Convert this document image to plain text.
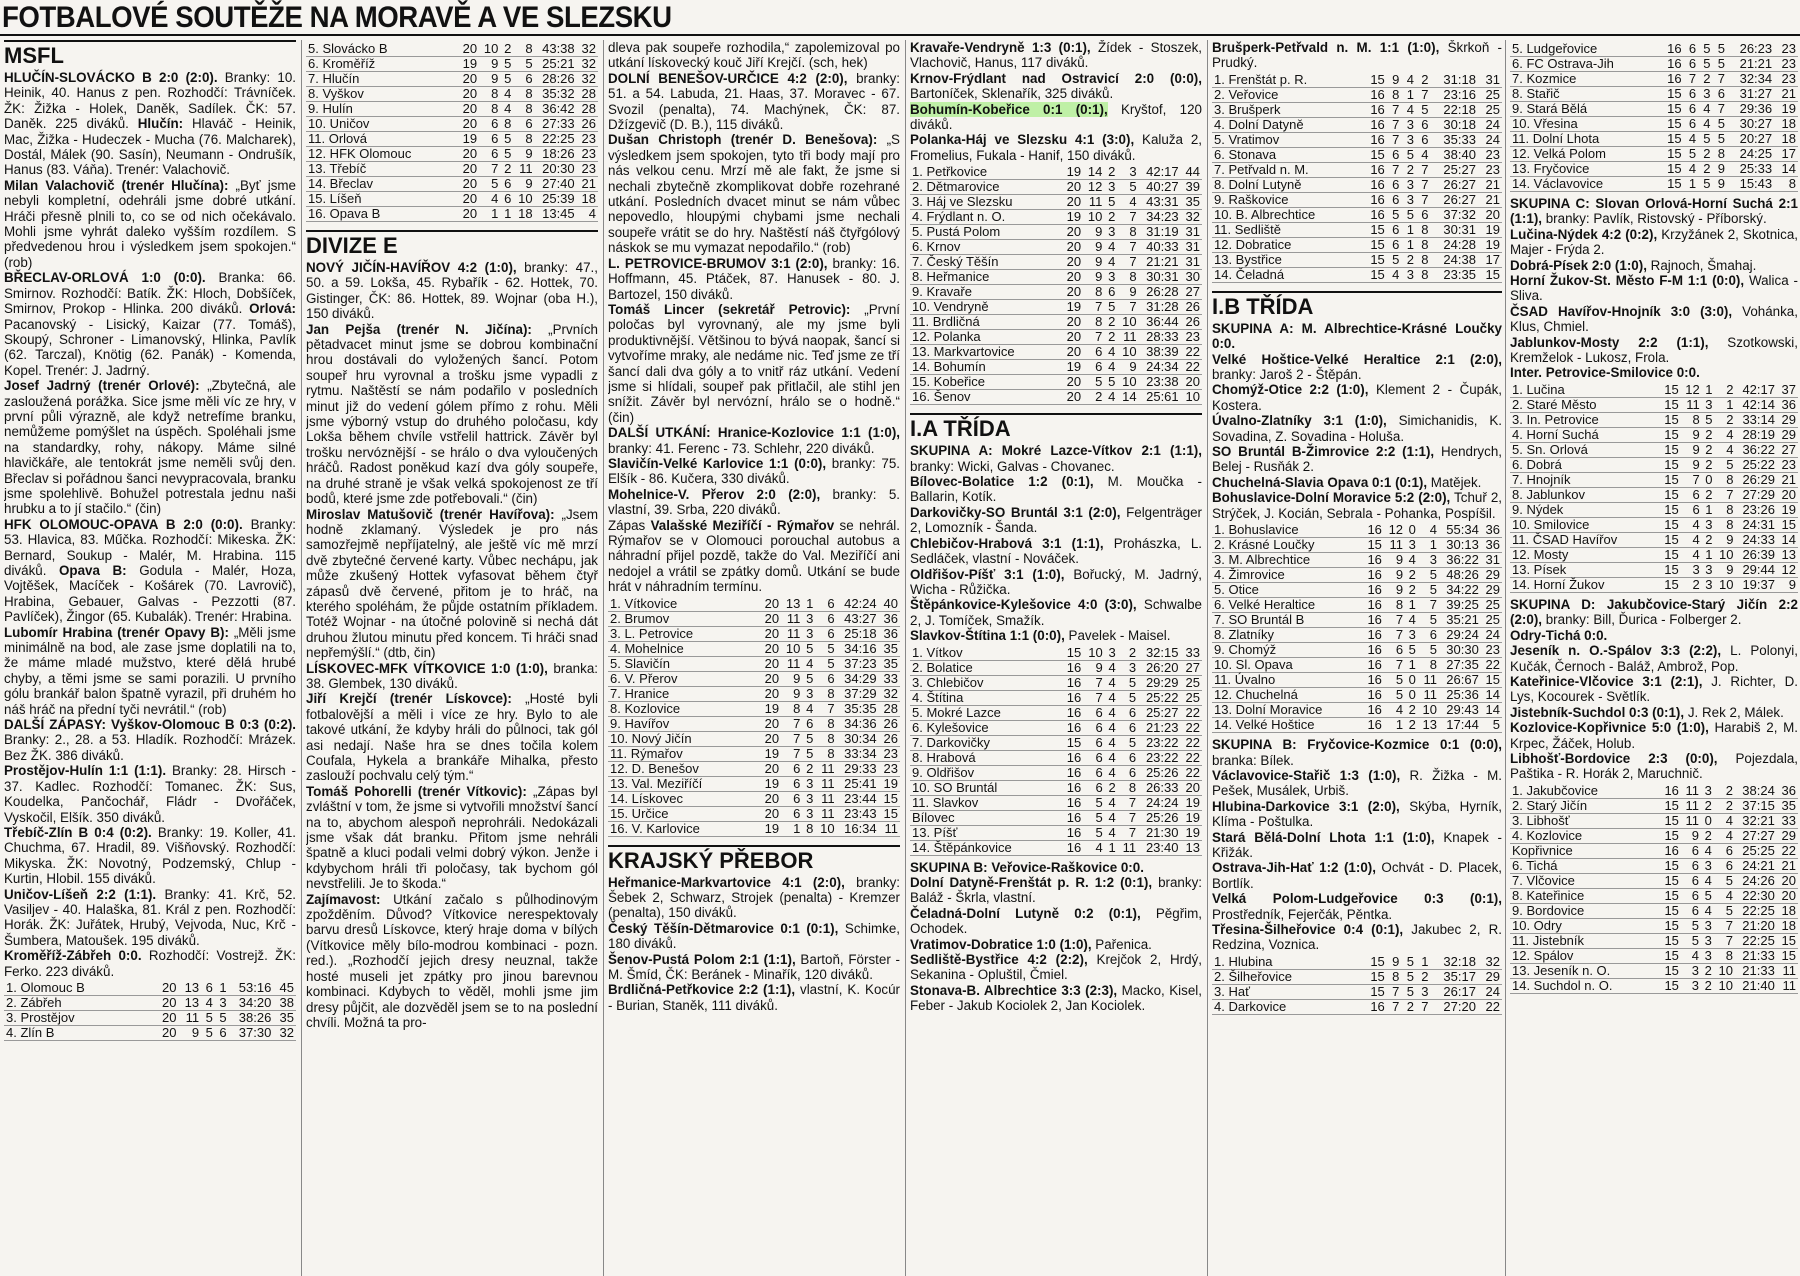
FOTBALOVÉ SOUTĚŽE NA MORAVĚ A VE SLEZSKU
MSFL

HLUČÍN-SLOVÁCKO B 2:0 (2:0). Branky: 10. Heinik, 40. Hanus z pen. Rozhodčí: Trávníček. ŽK: Žižka - Holek, Daněk, Sadílek. ČK: 57. Daněk. 225 diváků. Hlučín: Hlaváč - Heinik, Mac, Žižka - Hudeczek - Mucha (76. Malcharek), Dostál, Málek (90. Sasín), Neumann - Ondrušík, Hanus (83. Váňa). Trenér: Valachovič.

Milan Valachovič (trenér Hlučína): „Byť jsme nebyli kompletní, odehráli jsme dobré utkání. Hráči přesně plnili to, co se od nich očekávalo. Mohli jsme vyhrát daleko vyšším rozdílem. S předvedenou hrou i výsledkem jsem spokojen.“ (rob)

BŘECLAV-ORLOVÁ 1:0 (0:0). Branka: 66. Smirnov. Rozhodčí: Batík. ŽK: Hloch, Dobšíček, Smirnov, Prokop - Hlinka. 200 diváků. Orlová: Pacanovský - Lisický, Kaizar (77. Tomáš), Skoupý, Schroner - Limanovský, Hlinka, Pavlík (62. Tarczal), Knötig (62. Panák) - Komenda, Kopel. Trenér: J. Jadrný.

Josef Jadrný (trenér Orlové): „Zbytečná, ale zasloužená porážka. Sice jsme měli víc ze hry, v první půli výrazně, ale když netrefíme branku, nemůžeme pomýšlet na úspěch. Spoléhali jsme na standardky, rohy, nákopy. Máme silné hlavičkáře, ale tentokrát jsme neměli svůj den. Břeclav si pořádnou šanci nevypracovala, branku jsme spolehlivě. Bohužel potrestala jednu naši hrubku a to jí stačilo.“ (čin)

HFK OLOMOUC-OPAVA B 2:0 (0:0). Branky: 53. Hlavica, 83. Műčka. Rozhodčí: Mikeska. ŽK: Bernard, Soukup - Malér, M. Hrabina. 115 diváků. Opava B: Godula - Malér, Hoza, Vojtěšek, Macíček - Košárek (70. Lavrovič), Hrabina, Gebauer, Galvas - Pezzotti (87. Pavlíček), Žingor (65. Kubalák). Trenér: Hrabina.

Lubomír Hrabina (trenér Opavy B): „Měli jsme minimálně na bod, ale zase jsme doplatili na to, že máme mladé mužstvo, které dělá hrubé chyby, a těmi jsme se sami porazili. U prvního gólu brankář balon špatně vyrazil, při druhém ho náš hráč na přední tyči nevrátil.“ (rob)

DALŠÍ ZÁPASY: Vyškov-Olomouc B 0:3 (0:2). Branky: 2., 28. a 53. Hladík. Rozhodčí: Mrázek. Bez ŽK. 386 diváků.

Prostějov-Hulín 1:1 (1:1). Branky: 28. Hirsch - 37. Kadlec. Rozhodčí: Tomanec. ŽK: Sus, Koudelka, Pančochář, Fládr - Dvořáček, Vyskočil, Elšík. 350 diváků.

Třebíč-Zlín B 0:4 (0:2). Branky: 19. Koller, 41. Chuchma, 67. Hradil, 89. Višňovský. Rozhodčí: Mikyska. ŽK: Novotný, Podzemský, Chlup - Kurtin, Hlobil. 155 diváků.

Uničov-Líšeň 2:2 (1:1). Branky: 41. Krč, 52. Vasiljev - 40. Halaška, 81. Král z pen. Rozhodčí: Horák. ŽK: Juřátek, Hrubý, Vejvoda, Nuc, Krč - Šumbera, Matoušek. 195 diváků.

Kroměříž-Zábřeh 0:0. Rozhodčí: Vostrejž. ŽK: Ferko. 223 diváků.

1. Olomouc B	20	13	6	1	53:16	45
2. Zábřeh	20	13	4	3	34:20	38
3. Prostějov	20	11	5	5	38:26	35
4. Zlín B	20	9	5	6	37:30	32
5. Slovácko B	20	10	2	8	43:38	32
6. Kroměříž	19	9	5	5	25:21	32
7. Hlučín	20	9	5	6	28:26	32
8. Vyškov	20	8	4	8	35:32	28
9. Hulín	20	8	4	8	36:42	28
10. Uničov	20	6	8	6	27:33	26
11. Orlová	19	6	5	8	22:25	23
12. HFK Olomouc	20	6	5	9	18:26	23
13. Třebíč	20	7	2	11	20:30	23
14. Břeclav	20	5	6	9	27:40	21
15. Líšeň	20	4	6	10	25:39	18
16. Opava B	20	1	1	18	13:45	4
DIVIZE E

NOVÝ JIČÍN-HAVÍŘOV 4:2 (1:0), branky: 47., 50. a 59. Lokša, 45. Rybařík - 62. Hottek, 70. Gistinger, ČK: 86. Hottek, 89. Wojnar (oba H.), 150 diváků.

Jan Pejša (trenér N. Jičína): „Prvních pětadvacet minut jsme se dobrou kombinační hrou dostávali do vyložených šancí. Potom soupeř hru vyrovnal a trošku jsme vypadli z rytmu. Naštěstí se nám podařilo v posledních minut již do vedení gólem přímo z rohu. Měli jsme výborný vstup do druhého poločasu, kdy Lokša během chvíle vstřelil hattrick. Závěr byl trošku nervóznější - se hrálo o dva vyloučených hráčů. Radost poněkud kazí dva góly soupeře, na druhé straně je však velká spokojenost ze tří bodů, které jsme zde potřebovali.“ (čin)

Miroslav Matušovič (trenér Havířova): „Jsem hodně zklamaný. Výsledek je pro nás samozřejmě nepříjatelný, ale ještě víc mě mrzí dvě zbytečné červené karty. Vůbec nechápu, jak může zkušený Hottek vyfasovat během čtyř zápasů dvě červené, přitom je to hráč, na kterého spoléhám, že půjde ostatním příkladem. Totéž Wojnar - na útočné polovině si nechá dát druhou žlutou minutu před koncem. Ti hráči snad nepřemýšlí.“ (dtb, čin)

LÍSKOVEC-MFK VÍTKOVICE 1:0 (1:0), branka: 38. Glembek, 130 diváků.

Jiří Krejčí (trenér Lískovce): „Hosté byli fotbalovější a měli i více ze hry. Bylo to ale takové utkání, že kdyby hráli do půlnoci, tak gól asi nedají. Naše hra se dnes točila kolem Coufala, Hykela a brankáře Mihalka, přesto zaslouží pochvalu celý tým.“

Tomáš Pohorelli (trenér Vítkovic): „Zápas byl zvláštní v tom, že jsme si vytvořili množství šancí na to, abychom alespoň neprohráli. Nedokázali jsme však dát branku. Přitom jsme nehráli špatně a kluci podali velmi dobrý výkon. Jenže i kdybychom hráli tři poločasy, tak bychom gól nevstřelili. Je to škoda.“

Zajímavost: Utkání začalo s půlhodinovým zpožděním. Důvod? Vítkovice nerespektovaly barvu dresů Lískovce, který hraje doma v bílých (Vítkovice měly bílo-modrou kombinaci - pozn. red.). „Rozhodčí jejich dresy neuznal, takže hosté museli jet zpátky pro jinou barevnou kombinaci. Kdybych to věděl, mohli jsme jim dresy půjčit, ale dozvěděl jsem se to na poslední chvíli. Možná ta pro-

dleva pak soupeře rozhodila,“ zapolemizoval po utkání lískovecký kouč Jiří Krejčí. (sch, hek)

DOLNÍ BENEŠOV-URČICE 4:2 (2:0), branky: 51. a 54. Labuda, 21. Haas, 37. Moravec - 67. Svozil (penalta), 74. Machýnek, ČK: 87. Džízgevič (D. B.), 115 diváků.

Dušan Christoph (trenér D. Benešova): „S výsledkem jsem spokojen, tyto tři body mají pro nás velkou cenu. Mrzí mě ale fakt, že jsme si nechali zbytečně zkomplikovat dobře rozehrané utkání. Posledních dvacet minut se nám vůbec nepovedlo, hloupými chybami jsme nechali soupeře vrátit se do hry. Naštěstí náš čtyřgólový náskok se mu vymazat nepodařilo.“ (rob)

L. PETROVICE-BRUMOV 3:1 (2:0), branky: 16. Hoffmann, 45. Ptáček, 87. Hanusek - 80. J. Bartozel, 150 diváků.

Tomáš Lincer (sekretář Petrovic): „První poločas byl vyrovnaný, ale my jsme byli produktivnější. Většinou to bývá naopak, šancí si vytvoříme mraky, ale nedáme nic. Teď jsme ze tří šancí dali dva góly a to vnitř ráz utkání. Vedení jsme si hlídali, soupeř pak přitlačil, ale stihl jen snížit. Závěr byl nervózní, hrálo se o hodně.“ (čin)

DALŠÍ UTKÁNÍ: Hranice-Kozlovice 1:1 (1:0), branky: 41. Ferenc - 73. Schlehr, 220 diváků.

Slavičín-Velké Karlovice 1:1 (0:0), branky: 75. Elšík - 86. Kučera, 330 diváků.

Mohelnice-V. Přerov 2:0 (2:0), branky: 5. vlastní, 39. Srba, 220 diváků.

Zápas Valašské Meziříčí - Rýmařov se nehrál. Rýmařov se v Olomouci porouchal autobus a náhradní přijel pozdě, takže do Val. Meziříčí ani nedojel a vrátil se zpátky domů. Utkání se bude hrát v náhradním termínu.

1. Vítkovice	20	13	1	6	42:24	40
2. Brumov	20	11	3	6	43:27	36
3. L. Petrovice	20	11	3	6	25:18	36
4. Mohelnice	20	10	5	5	34:16	35
5. Slavičín	20	11	4	5	37:23	35
6. V. Přerov	20	9	5	6	34:29	33
7. Hranice	20	9	3	8	37:29	32
8. Kozlovice	19	8	4	7	35:35	28
9. Havířov	20	7	6	8	34:36	26
10. Nový Jičín	20	7	5	8	30:34	26
11. Rýmařov	19	7	5	8	33:34	23
12. D. Benešov	20	6	2	11	29:33	23
13. Val. Meziříčí	19	6	3	11	25:41	19
14. Lískovec	20	6	3	11	23:44	15
15. Určice	20	6	3	11	23:43	15
16. V. Karlovice	19	1	8	10	16:34	11
KRAJSKÝ PŘEBOR

Heřmanice-Markvartovice 4:1 (2:0), branky: Šebek 2, Schwarz, Strojek (penalta) - Kremzer (penalta), 150 diváků.

Český Těšín-Dětmarovice 0:1 (0:1), Schimke, 180 diváků.

Šenov-Pustá Polom 2:1 (1:1), Bartoň, Förster - M. Šmíd, ČK: Beránek - Minařík, 120 diváků.

Brdličná-Petřkovice 2:2 (1:1), vlastní, K. Kocúr - Burian, Staněk, 111 diváků.

Kravaře-Vendryně 1:3 (0:1), Žídek - Stoszek, Vlachovič, Hanus, 117 diváků.

Krnov-Frýdlant nad Ostravicí 2:0 (0:0), Bartoníček, Sklenařík, 325 diváků.

Bohumín-Kobeřice 0:1 (0:1), Kryštof, 120 diváků.

Polanka-Háj ve Slezsku 4:1 (3:0), Kaluža 2, Fromelius, Fukala - Hanif, 150 diváků.

1. Petřkovice	19	14	2	3	42:17	44
2. Dětmarovice	20	12	3	5	40:27	39
3. Háj ve Slezsku	20	11	5	4	43:31	35
4. Frýdlant n. O.	19	10	2	7	34:23	32
5. Pustá Polom	20	9	3	8	31:19	31
6. Krnov	20	9	4	7	40:33	31
7. Český Těšín	20	9	4	7	21:21	31
8. Heřmanice	20	9	3	8	30:31	30
9. Kravaře	20	8	6	9	26:28	27
10. Vendryně	19	7	5	7	31:28	26
11. Brdličná	20	8	2	10	36:44	26
12. Polanka	20	7	2	11	28:33	23
13. Markvartovice	20	6	4	10	38:39	22
14. Bohumín	19	6	4	9	24:34	22
15. Kobeřice	20	5	5	10	23:38	20
16. Šenov	20	2	4	14	25:61	10
I.A TŘÍDA

SKUPINA A: Mokré Lazce-Vítkov 2:1 (1:1), branky: Wicki, Galvas - Chovanec.

Bílovec-Bolatice 1:2 (0:1), M. Moučka - Ballarin, Kotík.

Darkovičky-SO Bruntál 3:1 (2:0), Felgenträger 2, Lomozník - Šanda.

Chlebičov-Hrabová 3:1 (1:1), Prohászka, L. Sedláček, vlastní - Nováček.

Oldřišov-Píšť 3:1 (1:0), Bořucký, M. Jadrný, Wicha - Růžička.

Štěpánkovice-Kylešovice 4:0 (3:0), Schwalbe 2, J. Tomíček, Smažík.

Slavkov-Štítina 1:1 (0:0), Pavelek - Maisel.

1. Vítkov	15	10	3	2	32:15	33
2. Bolatice	16	9	4	3	26:20	27
3. Chlebičov	16	7	4	5	29:29	25
4. Štítina	16	7	4	5	25:22	25
5. Mokré Lazce	16	6	4	6	25:27	22
6. Kylešovice	16	6	4	6	21:23	22
7. Darkovičky	15	6	4	5	23:22	22
8. Hrabová	16	6	4	6	23:22	22
9. Oldřišov	16	6	4	6	25:26	22
10. SO Bruntál	16	6	2	8	26:33	20
11. Slavkov	16	5	4	7	24:24	19
Bílovec	16	5	4	7	25:26	19
13. Píšť	16	5	4	7	21:30	19
14. Štěpánkovice	16	4	1	11	23:40	13

SKUPINA B: Veřovice-Raškovice 0:0.

Dolní Datyně-Frenštát p. R. 1:2 (0:1), branky: Baláž - Škrla, vlastní.

Čeladná-Dolní Lutyně 0:2 (0:1), Pěgřim, Ochodek.

Vratimov-Dobratice 1:0 (1:0), Pařenica.

Sedliště-Bystřice 4:2 (2:2), Krejčok 2, Hrdý, Sekanina - Opluštil, Čmiel.

Stonava-B. Albrechtice 3:3 (2:3), Macko, Kisel, Feber - Jakub Kociolek 2, Jan Kociolek.

Brušperk-Petřvald n. M. 1:1 (1:0), Škrkoň - Prudký.

1. Frenštát p. R.	15	9	4	2	31:18	31
2. Veřovice	16	8	1	7	23:16	25
3. Brušperk	16	7	4	5	22:18	25
4. Dolní Datyně	16	7	3	6	30:18	24
5. Vratimov	16	7	3	6	35:33	24
6. Stonava	15	6	5	4	38:40	23
7. Petřvald n. M.	16	7	2	7	25:27	23
8. Dolní Lutyně	16	6	3	7	26:27	21
9. Raškovice	16	6	3	7	26:27	21
10. B. Albrechtice	16	5	5	6	37:32	20
11. Sedliště	15	6	1	8	30:31	19
12. Dobratice	15	6	1	8	24:28	19
13. Bystřice	15	5	2	8	24:38	17
14. Čeladná	15	4	3	8	23:35	15
I.B TŘÍDA

SKUPINA A: M. Albrechtice-Krásné Loučky 0:0.

Velké Hoštice-Velké Heraltice 2:1 (2:0), branky: Jaroš 2 - Štěpán.

Chomýž-Otice 2:2 (1:0), Klement 2 - Čupák, Kostera.

Úvalno-Zlatníky 3:1 (1:0), Simichanidis, K. Sovadina, Z. Sovadina - Holuša.

SO Bruntál B-Žimrovice 2:2 (1:1), Hendrych, Belej - Rusňák 2.

Chuchelná-Slavia Opava 0:1 (0:1), Matějek.

Bohuslavice-Dolní Moravice 5:2 (2:0), Tchuř 2, Strýček, J. Kocián, Sebrala - Pohanka, Pospíšil.

1. Bohuslavice	16	12	0	4	55:34	36
2. Krásné Loučky	15	11	3	1	30:13	36
3. M. Albrechtice	16	9	4	3	36:22	31
4. Žimrovice	16	9	2	5	48:26	29
5. Otice	16	9	2	5	34:22	29
6. Velké Heraltice	16	8	1	7	39:25	25
7. SO Bruntál B	16	7	4	5	35:21	25
8. Zlatníky	16	7	3	6	29:24	24
9. Chomýž	16	6	5	5	30:30	23
10. Sl. Opava	16	7	1	8	27:35	22
11. Úvalno	16	5	0	11	26:67	15
12. Chuchelná	16	5	0	11	25:36	14
13. Dolní Moravice	16	4	2	10	29:43	14
14. Velké Hoštice	16	1	2	13	17:44	5

SKUPINA B: Fryčovice-Kozmice 0:1 (0:0), branka: Bílek.

Václavovice-Stařič 1:3 (1:0), R. Žižka - M. Pešek, Musálek, Urbiš.

Hlubina-Darkovice 3:1 (2:0), Skýba, Hyrník, Klíma - Poštulka.

Stará Bělá-Dolní Lhota 1:1 (1:0), Knapek - Křižák.

Ostrava-Jih-Hať 1:2 (1:0), Ochvát - D. Placek, Bortlík.

Velká Polom-Ludgeřovice 0:3 (0:1), Prostředník, Fejerčák, Pěntka.

Třesina-Šilheřovice 0:4 (0:1), Jakubec 2, R. Redzina, Voznica.

1. Hlubina	15	9	5	1	32:18	32
2. Šilheřovice	15	8	5	2	35:17	29
3. Hať	15	7	5	3	26:17	24
4. Darkovice	16	7	2	7	27:20	22
5. Ludgeřovice	16	6	5	5	26:23	23
6. FC Ostrava-Jih	16	6	5	5	21:21	23
7. Kozmice	16	7	2	7	32:34	23
8. Stařič	15	6	3	6	31:27	21
9. Stará Bělá	15	6	4	7	29:36	19
10. Vřesina	15	6	4	5	30:27	18
11. Dolní Lhota	15	4	5	5	20:27	18
12. Velká Polom	15	5	2	8	24:25	17
13. Fryčovice	15	4	2	9	25:33	14
14. Václavovice	15	1	5	9	15:43	8

SKUPINA C: Slovan Orlová-Horní Suchá 2:1 (1:1), branky: Pavlík, Ristovský - Příborský.

Lučina-Nýdek 4:2 (0:2), Krzyžánek 2, Skotnica, Majer - Frýda 2.

Dobrá-Písek 2:0 (1:0), Rajnoch, Šmahaj.

Horní Žukov-St. Město F-M 1:1 (0:0), Walica - Sliva.

ČSAD Havířov-Hnojník 3:0 (3:0), Vohánka, Klus, Chmiel.

Jablunkov-Mosty 2:2 (1:1), Szotkowski, Kremželok - Lukosz, Frola.

Inter. Petrovice-Smilovice 0:0.

1. Lučina	15	12	1	2	42:17	37
2. Staré Město	15	11	3	1	42:14	36
3. In. Petrovice	15	8	5	2	33:14	29
4. Horní Suchá	15	9	2	4	28:19	29
5. Sn. Orlová	15	9	2	4	36:22	27
6. Dobrá	15	9	2	5	25:22	23
7. Hnojník	15	7	0	8	26:29	21
8. Jablunkov	15	6	2	7	27:29	20
9. Nýdek	15	6	1	8	23:26	19
10. Smilovice	15	4	3	8	24:31	15
11. ČSAD Havířov	15	4	2	9	24:33	14
12. Mosty	15	4	1	10	26:39	13
13. Písek	15	3	3	9	29:44	12
14. Horní Žukov	15	2	3	10	19:37	9

SKUPINA D: Jakubčovice-Starý Jičín 2:2 (2:0), branky: Bill, Ďurica - Folberger 2.

Odry-Tichá 0:0.

Jeseník n. O.-Spálov 3:3 (2:2), L. Polonyi, Kučák, Černoch - Baláž, Ambrož, Pop.

Kateřinice-Vlčovice 3:1 (2:1), J. Richter, D. Lys, Kocourek - Světlík.

Jistebník-Suchdol 0:3 (0:1), J. Rek 2, Málek.

Kozlovice-Kopřivnice 5:0 (1:0), Harabiš 2, M. Krpec, Žáček, Holub.

Libhošť-Bordovice 2:3 (0:0), Pojezdala, Paštika - R. Horák 2, Maruchnič.

1. Jakubčovice	16	11	3	2	38:24	36
2. Starý Jičín	15	11	2	2	37:15	35
3. Libhošť	15	11	0	4	32:21	33
4. Kozlovice	15	9	2	4	27:27	29
Kopřivnice	16	6	4	6	25:25	22
6. Tichá	15	6	3	6	24:21	21
7. Vlčovice	15	6	4	5	24:26	20
8. Kateřinice	15	6	5	4	22:30	20
9. Bordovice	15	6	4	5	22:25	18
10. Odry	15	5	3	7	21:20	18
11. Jistebník	15	5	3	7	22:25	15
12. Spálov	15	4	3	8	21:33	15
13. Jeseník n. O.	15	3	2	10	21:33	11
14. Suchdol n. O.	15	3	2	10	21:40	11
